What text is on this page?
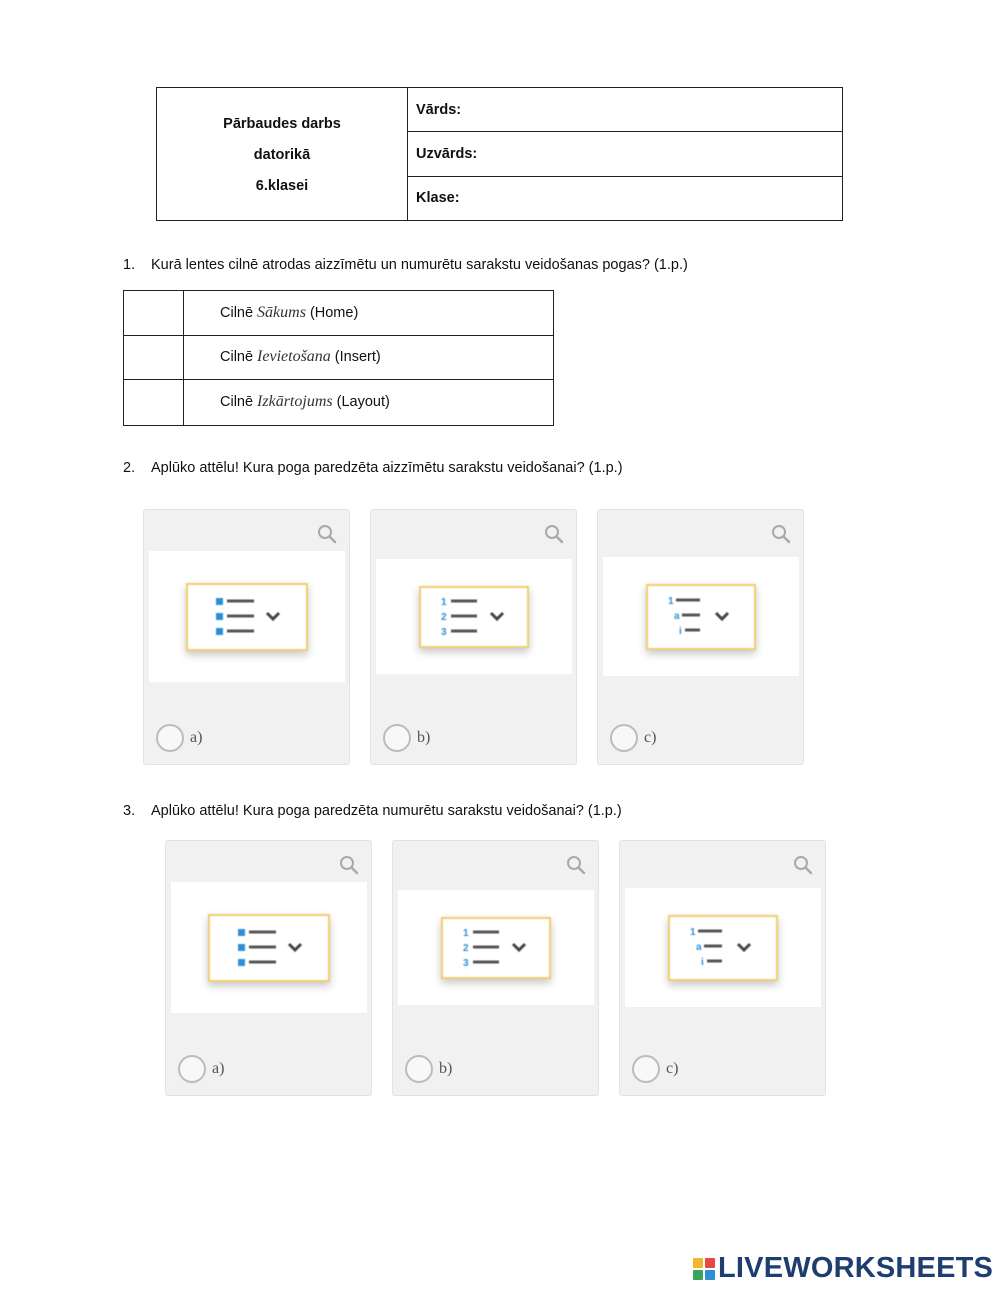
Pārbaudes darbs
datorikā
6.klasei
Vārds:
Uzvārds:
Klase:
1.	Kurā lentes cilnē atrodas aizzīmētu un numurētu sarakstu veidošanas pogas? (1.p.)
Cilnē Sākums (Home)
Cilnē Ievietošana (Insert)
Cilnē Izkārtojums (Layout)
2.	Aplūko attēlu! Kura poga paredzēta aizzīmētu sarakstu veidošanai? (1.p.)
a)
1
2
3
b)
1
a
i
c)
3.	Aplūko attēlu! Kura poga paredzēta numurētu sarakstu veidošanai? (1.p.)
a)
1
2
3
b)
1
a
i
c)
LIVEWORKSHEETS
